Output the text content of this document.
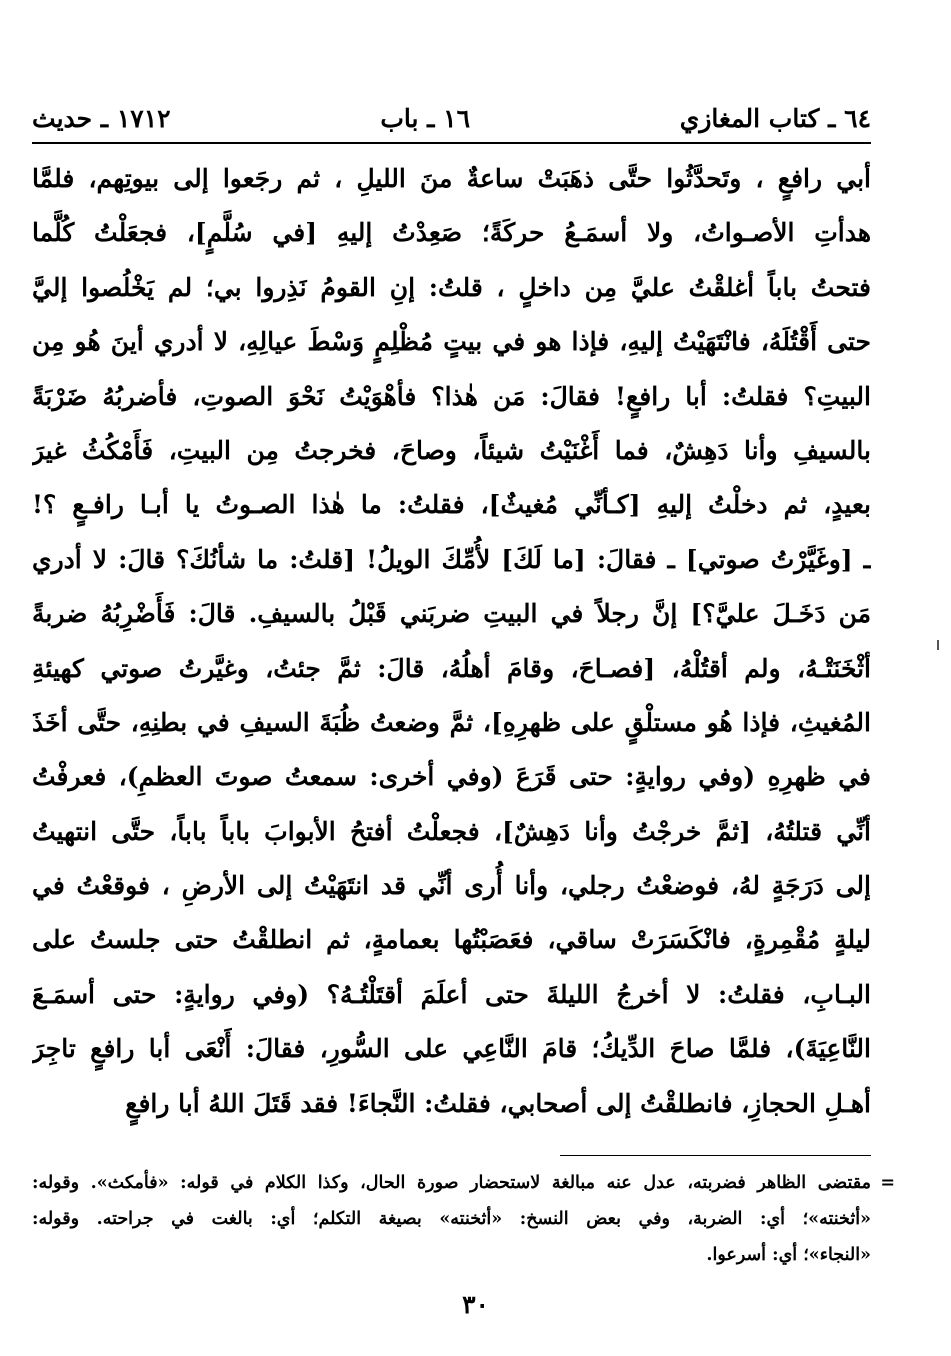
٦٤ ـ كتاب المغازي
١٦ ـ باب
١٧١٢ ـ حديث
أبي رافعٍ ، وتَحدَّثُوا حتَّى ذهَبَتْ ساعةٌ منَ الليلِ ، ثم رجَعوا إلى بيوتِهم، فلمَّا
هدأتِ الأصـواتُ، ولا أسمَـعُ حركَةً؛ صَعِدْتُ إليهِ [في سُلَّمٍ]، فجعَلْتُ كُلَّما
فتحتُ باباً أغلقْتُ عليَّ مِن داخلٍ ، قلتُ: إنِ القومُ نَذِروا بي؛ لم يَخْلُصوا إليَّ
حتى أَقْتُلَهُ، فانْتَهَيْتُ إليهِ، فإذا هو في بيتٍ مُظْلِمٍ وَسْطَ عيالِهِ، لا أدري أينَ هُو مِن
البيتِ؟ فقلتُ: أبا رافعٍ! فقالَ: مَن هٰذا؟ فأهْوَيْتُ نَحْوَ الصوتِ، فأضربُهُ ضَرْبَةً
بالسيفِ وأنا دَهِشٌ، فما أَغْنَيْتُ شيئاً، وصاحَ، فخرجتُ مِن البيتِ، فَأَمْكُثُ غيرَ
بعيدٍ، ثم دخلْتُ إليهِ [كـأنِّي مُغيثٌ]، فقلتُ: ما هٰذا الصـوتُ يا أبـا رافـعٍ ؟!
ـ [وغَيَّرْتُ صوتي] ـ فقالَ: [ما لَكَ] لأُمِّكَ الويلُ! [قلتُ: ما شأنُكَ؟ قالَ: لا أدري
مَن دَخَـلَ عليَّ؟] إنَّ رجلاً في البيتِ ضربَني قَبْلُ بالسيفِ. قالَ: فَأَضْرِبُهُ ضربةً
أثْخَنَتْـهُ، ولم أقتُلْهُ، [فصـاحَ، وقامَ أهلُهُ، قالَ: ثمَّ جئتُ، وغيَّرتُ صوتي كهيئةِ
المُغيثِ، فإذا هُو مستلْقٍ على ظهرِهِ]، ثمَّ وضعتُ ظُبَةَ السيفِ في بطنِهِ، حتَّى أخَذَ
في ظهرِهِ (وفي روايةٍ: حتى قَرَعَ (وفي أخرى: سمعتُ صوتَ العظمِ)، فعرفْتُ
أنِّي قتلتُهُ، [ثمَّ خرجْتُ وأنا دَهِشٌ]، فجعلْتُ أفتحُ الأبوابَ باباً باباً، حتَّى انتهيتُ
إلى دَرَجَةٍ لهُ، فوضعْتُ رجلي، وأنا أُرى أنِّي قد انتَهَيْتُ إلى الأرضِ ، فوقعْتُ في
ليلةٍ مُقْمِرةٍ، فانْكَسَرَتْ ساقي، فعَصَبْتُها بعمامةٍ، ثم انطلقْتُ حتى جلستُ على
البـابِ، فقلتُ: لا أخرجُ الليلةَ حتى أعلَمَ أقتَلْتُـهُ؟ (وفي روايةٍ: حتى أسمَـعَ
النَّاعِيَةَ)، فلمَّا صاحَ الدِّيكُ؛ قامَ النَّاعِي على السُّورِ، فقالَ: أَنْعَى أبا رافعٍ تاجِرَ
أهـلِ الحجازِ، فانطلقْتُ إلى أصحابي، فقلتُ: النَّجاءَ! فقد قَتَلَ اللهُ أبا رافعٍ
=
مقتضى الظاهر فضربته، عدل عنه مبالغة لاستحضار صورة الحال، وكذا الكلام في قوله: «فأمكث». وقوله:
«أثخنته»؛ أي: الضربة، وفي بعض النسخ: «أثخنته» بصيغة التكلم؛ أي: بالغت في جراحته. وقوله:
«النجاء»؛ أي: أسرعوا.
٣٠
